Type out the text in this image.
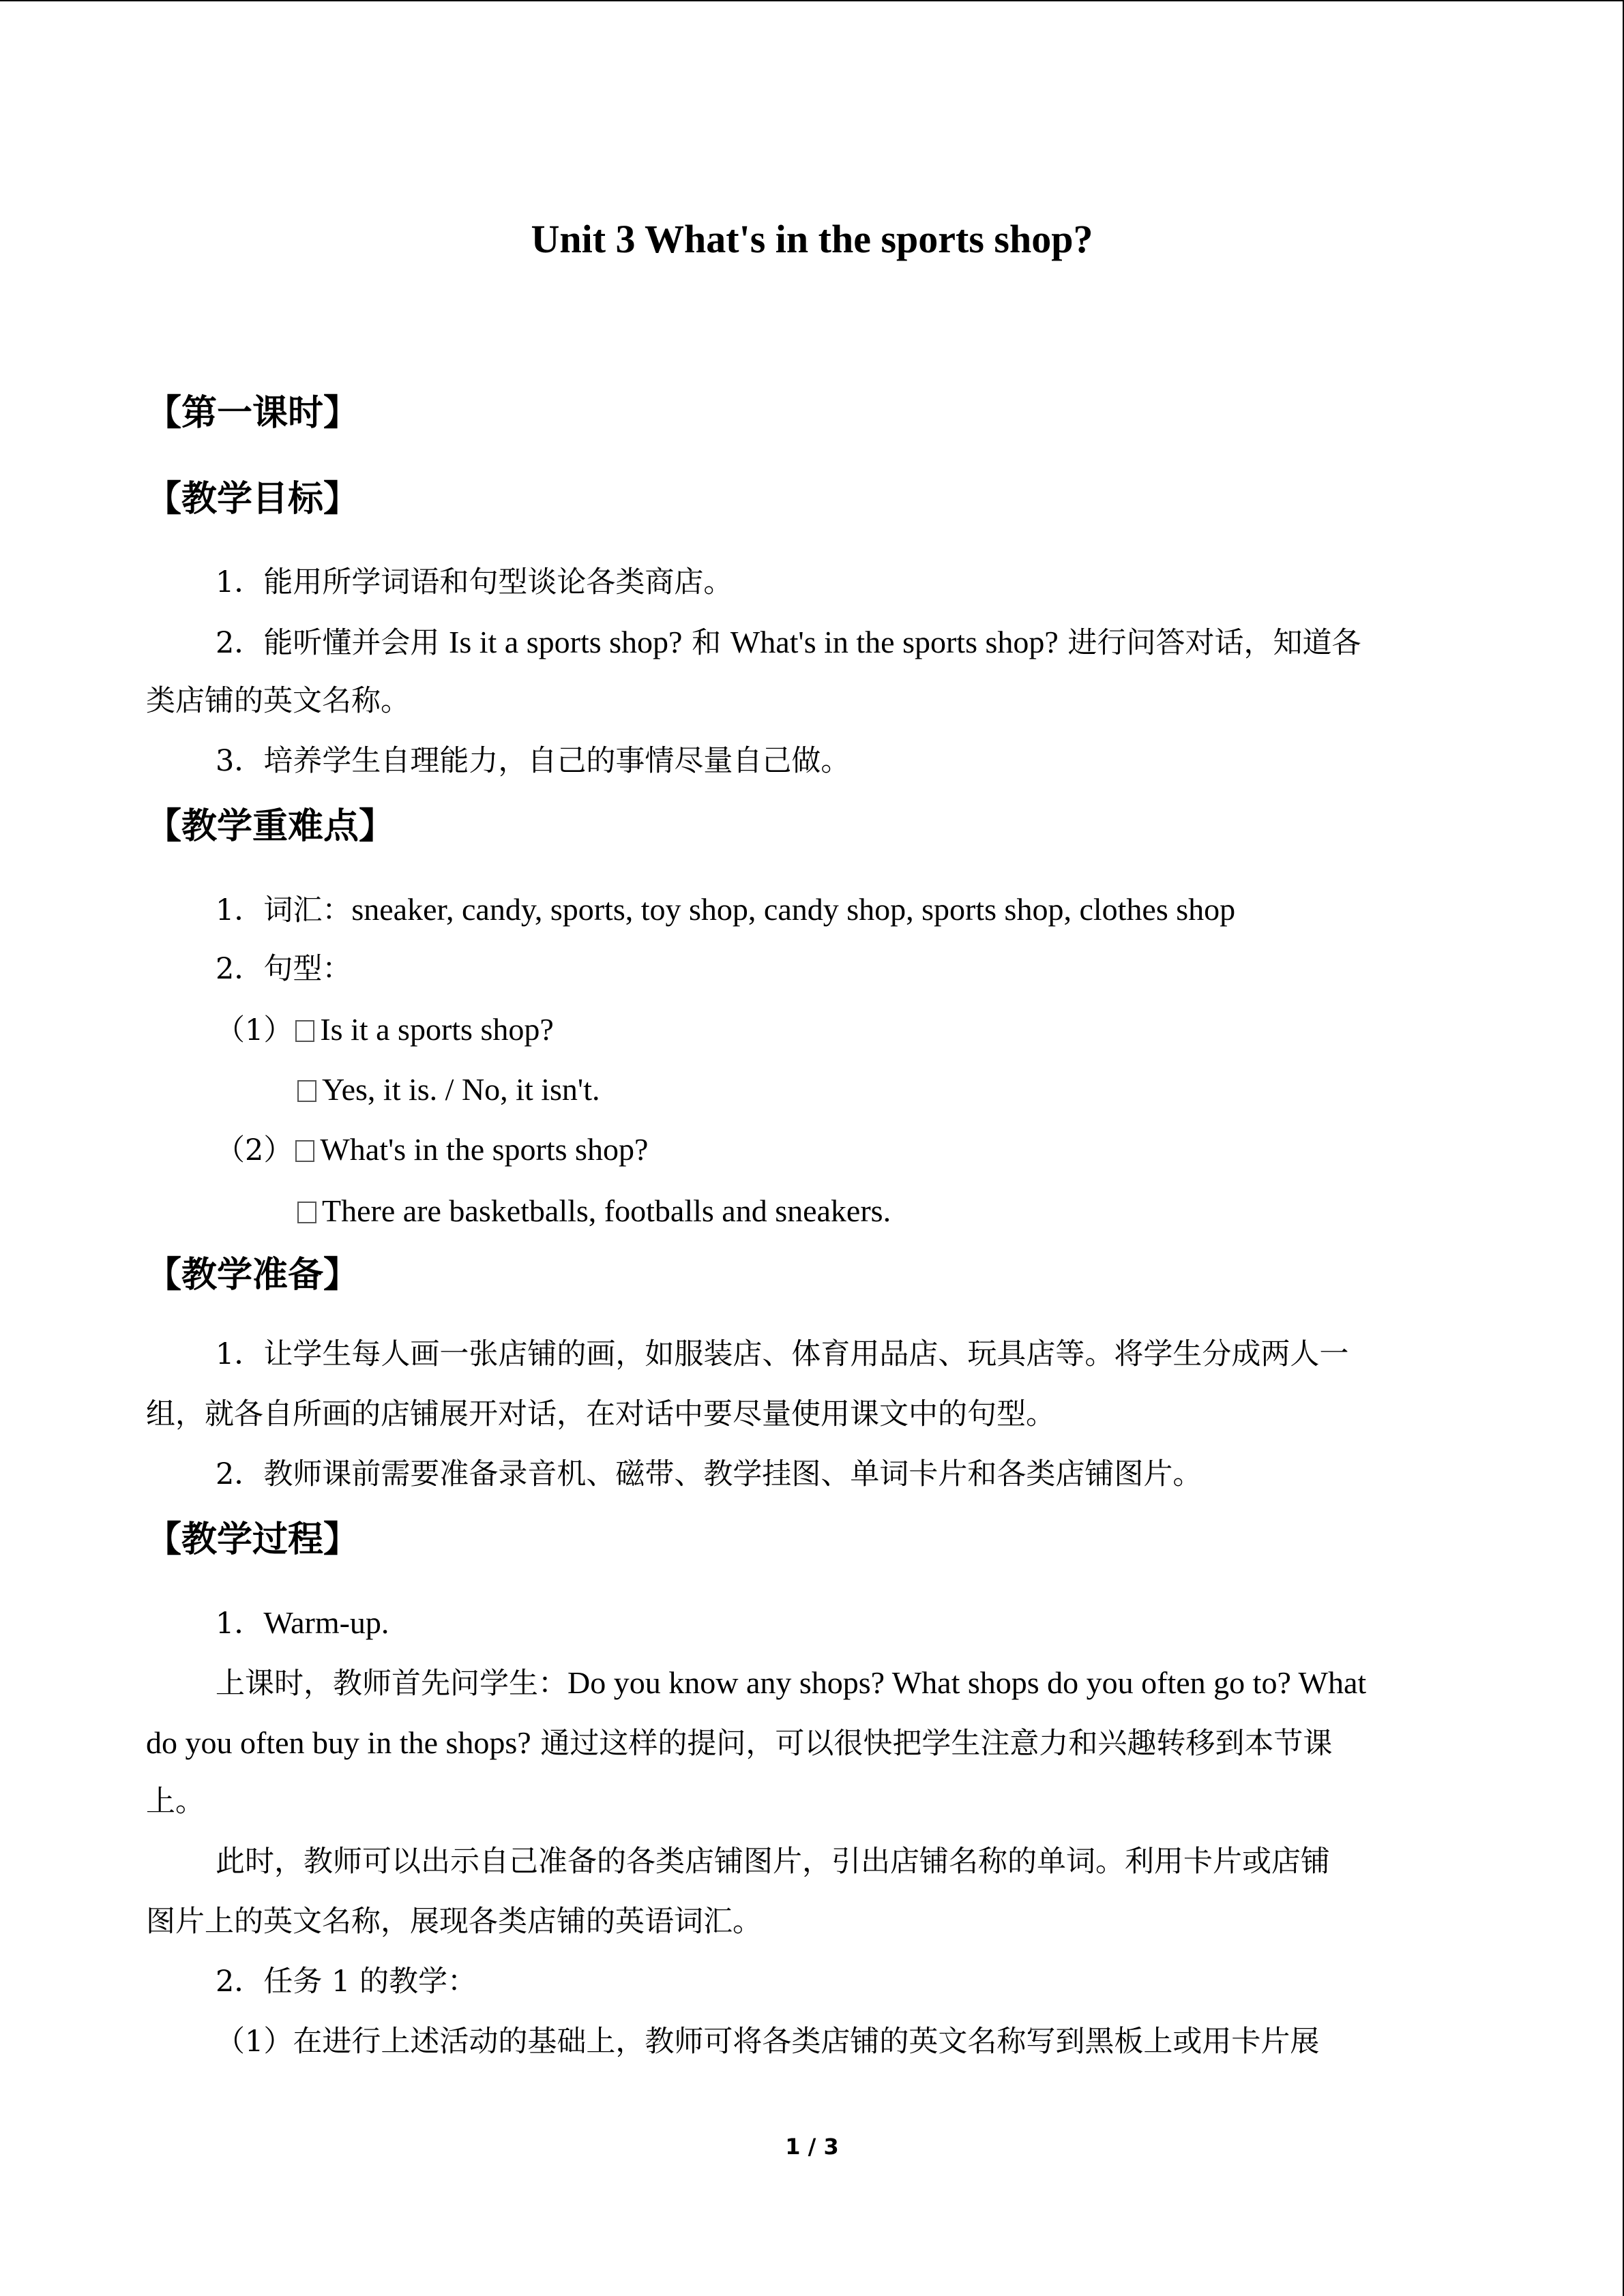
Unit 3 What's in the sports shop?
【第一课时】
【教学目标】
1．能用所学词语和句型谈论各类商店。
2．能听懂并会用 Is it a sports shop? 和 What's in the sports shop? 进行问答对话，知道各
类店铺的英文名称。
3．培养学生自理能力，自己的事情尽量自己做。
【教学重难点】
1．词汇：sneaker, candy, sports, toy shop, candy shop, sports shop, clothes shop
2．句型：
（1） Is it a sports shop?
Yes, it is. / No, it isn't.
（2） What's in the sports shop?
There are basketballs, footballs and sneakers.
【教学准备】
1．让学生每人画一张店铺的画，如服装店、体育用品店、玩具店等。将学生分成两人一
组，就各自所画的店铺展开对话，在对话中要尽量使用课文中的句型。
2．教师课前需要准备录音机、磁带、教学挂图、单词卡片和各类店铺图片。
【教学过程】
1．Warm-up.
上课时，教师首先问学生：Do you know any shops? What shops do you often go to? What
do you often buy in the shops? 通过这样的提问，可以很快把学生注意力和兴趣转移到本节课
上。
此时，教师可以出示自己准备的各类店铺图片，引出店铺名称的单词。利用卡片或店铺
图片上的英文名称，展现各类店铺的英语词汇。
2．任务 1 的教学：
（1）在进行上述活动的基础上，教师可将各类店铺的英文名称写到黑板上或用卡片展
1 / 3
